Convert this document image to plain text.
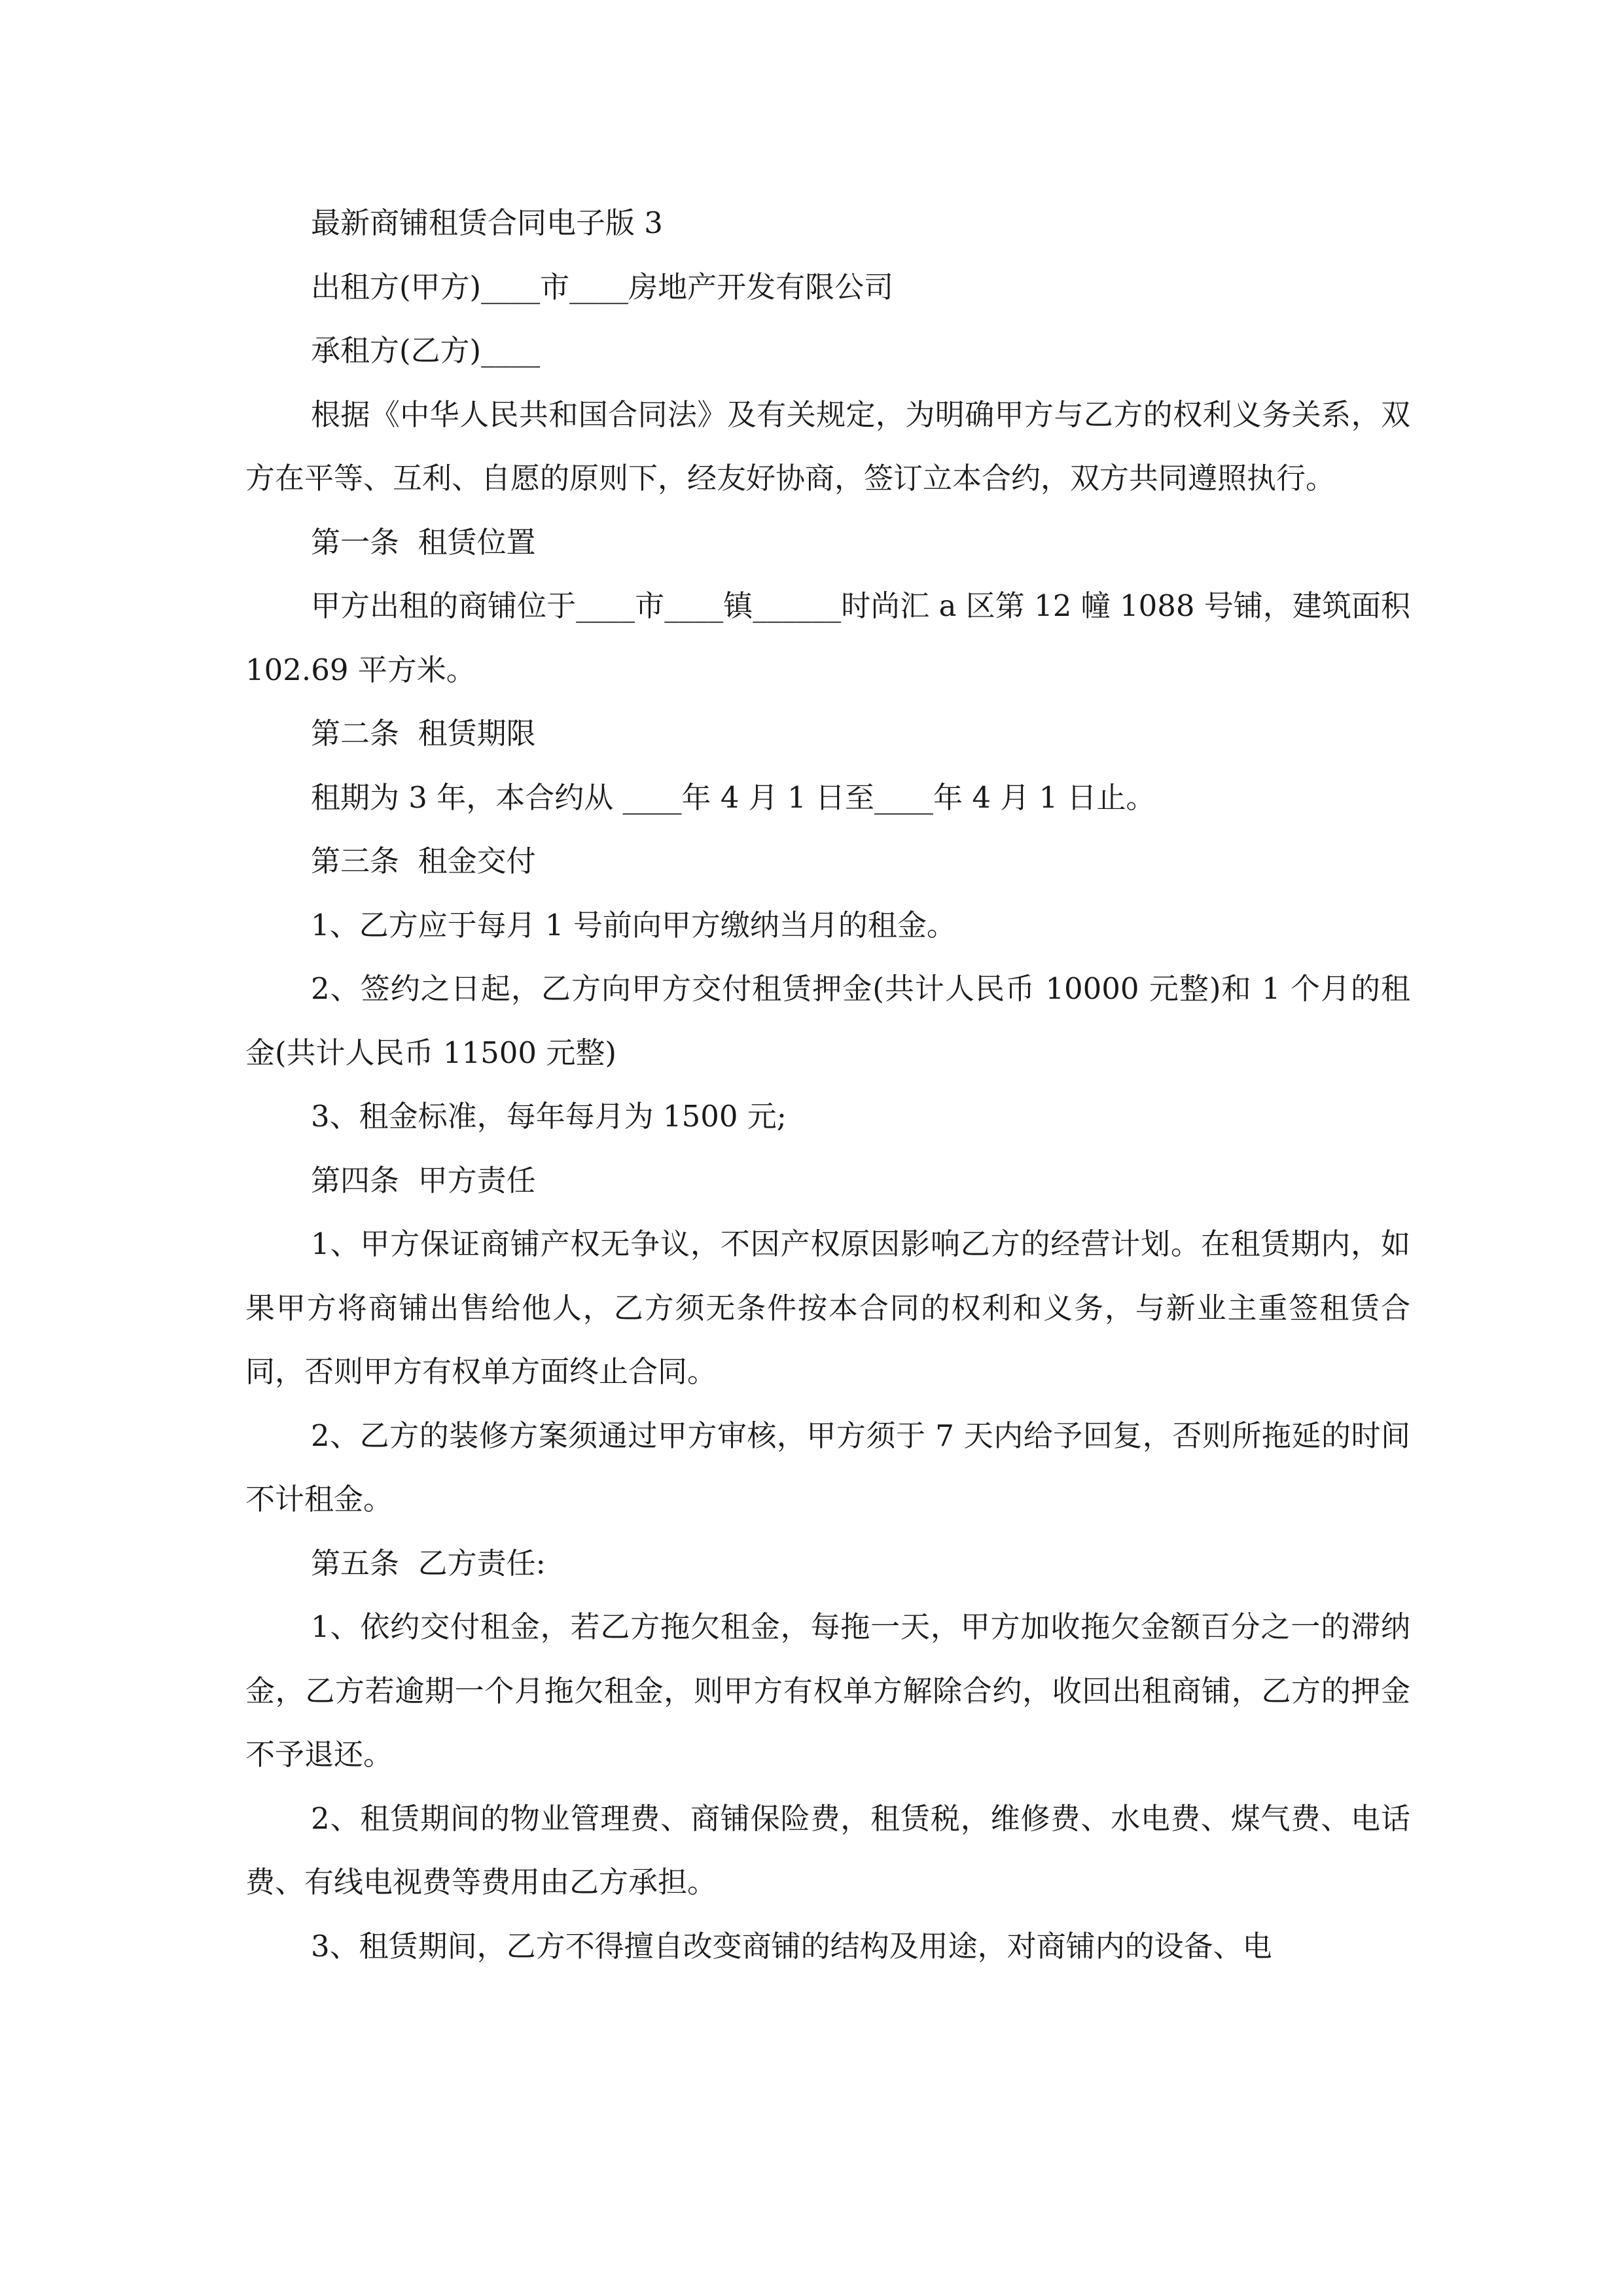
最新商铺租赁合同电子版 3

出租方(甲方)____市____房地产开发有限公司

承租方(乙方)____

根据《中华人民共和国合同法》及有关规定，为明确甲方与乙方的权利义务关系，双方在平等、互利、自愿的原则下，经友好协商，签订立本合约，双方共同遵照执行。

第一条  租赁位置

甲方出租的商铺位于____市____镇______时尚汇 a 区第 12 幢 1088 号铺，建筑面积 102.69 平方米。

第二条  租赁期限

租期为 3 年，本合约从 ____年 4 月 1 日至____年 4 月 1 日止。

第三条  租金交付

1、乙方应于每月 1 号前向甲方缴纳当月的租金。

2、签约之日起，乙方向甲方交付租赁押金(共计人民币 10000 元整)和 1 个月的租金(共计人民币 11500 元整)

3、租金标准，每年每月为 1500 元;

第四条  甲方责任

1、甲方保证商铺产权无争议，不因产权原因影响乙方的经营计划。在租赁期内，如果甲方将商铺出售给他人，乙方须无条件按本合同的权利和义务，与新业主重签租赁合同，否则甲方有权单方面终止合同。

2、乙方的装修方案须通过甲方审核，甲方须于 7 天内给予回复，否则所拖延的时间不计租金。

第五条  乙方责任:

1、依约交付租金，若乙方拖欠租金，每拖一天，甲方加收拖欠金额百分之一的滞纳金，乙方若逾期一个月拖欠租金，则甲方有权单方解除合约，收回出租商铺，乙方的押金不予退还。

2、租赁期间的物业管理费、商铺保险费，租赁税，维修费、水电费、煤气费、电话费、有线电视费等费用由乙方承担。

3、租赁期间，乙方不得擅自改变商铺的结构及用途，对商铺内的设备、电
